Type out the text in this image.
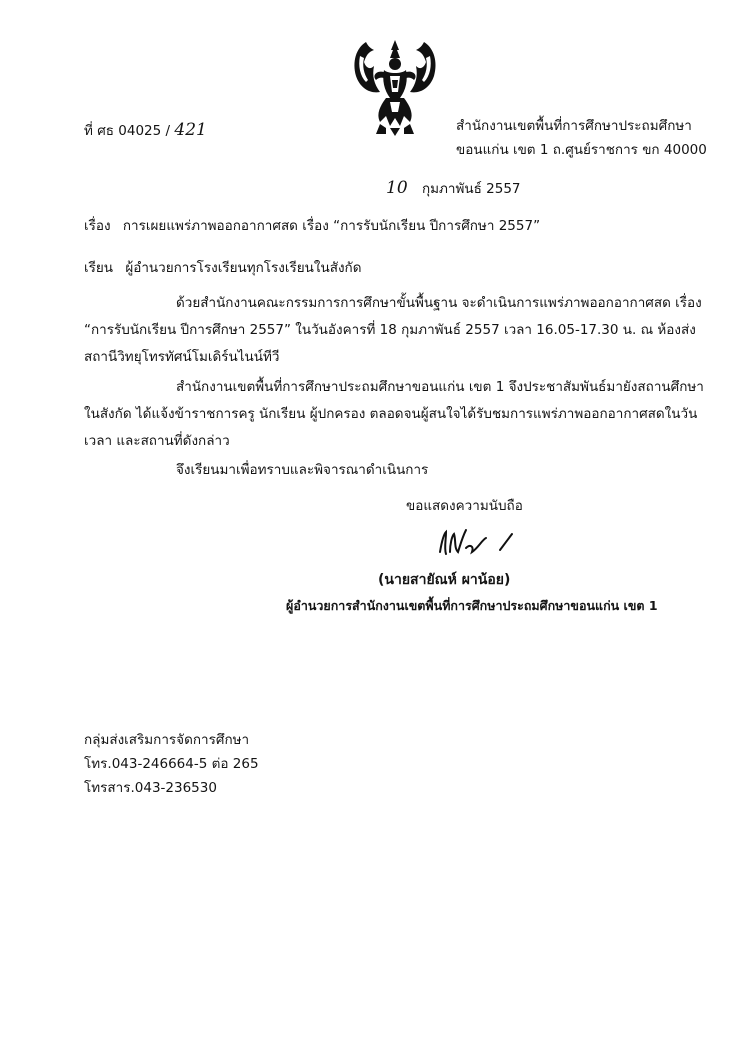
ที่ ศธ 04025 / 421	สำนักงานเขตพื้นที่การศึกษาประถมศึกษา
ขอนแก่น เขต 1 ถ.ศูนย์ราชการ ขก 40000
10 กุมภาพันธ์ 2557
เรื่อง การเผยแพร่ภาพออกอากาศสด เรื่อง “การรับนักเรียน ปีการศึกษา 2557”
เรียน ผู้อำนวยการโรงเรียนทุกโรงเรียนในสังกัด
ด้วยสำนักงานคณะกรรมการการศึกษาขั้นพื้นฐาน จะดำเนินการแพร่ภาพออกอากาศสด เรื่อง “การรับนักเรียน ปีการศึกษา 2557” ในวันอังคารที่ 18 กุมภาพันธ์ 2557 เวลา 16.05-17.30 น. ณ ห้องส่งสถานีวิทยุโทรทัศน์โมเดิร์นไนน์ทีวี
สำนักงานเขตพื้นที่การศึกษาประถมศึกษาขอนแก่น เขต 1 จึงประชาสัมพันธ์มายังสถานศึกษาในสังกัด ได้แจ้งข้าราชการครู นักเรียน ผู้ปกครอง ตลอดจนผู้สนใจได้รับชมการแพร่ภาพออกอากาศสดในวัน เวลา และสถานที่ดังกล่าว
จึงเรียนมาเพื่อทราบและพิจารณาดำเนินการ
ขอแสดงความนับถือ
(นายสายัณห์ ผาน้อย)
ผู้อำนวยการสำนักงานเขตพื้นที่การศึกษาประถมศึกษาขอนแก่น เขต 1
กลุ่มส่งเสริมการจัดการศึกษา
โทร.043-246664-5 ต่อ 265
โทรสาร.043-236530
